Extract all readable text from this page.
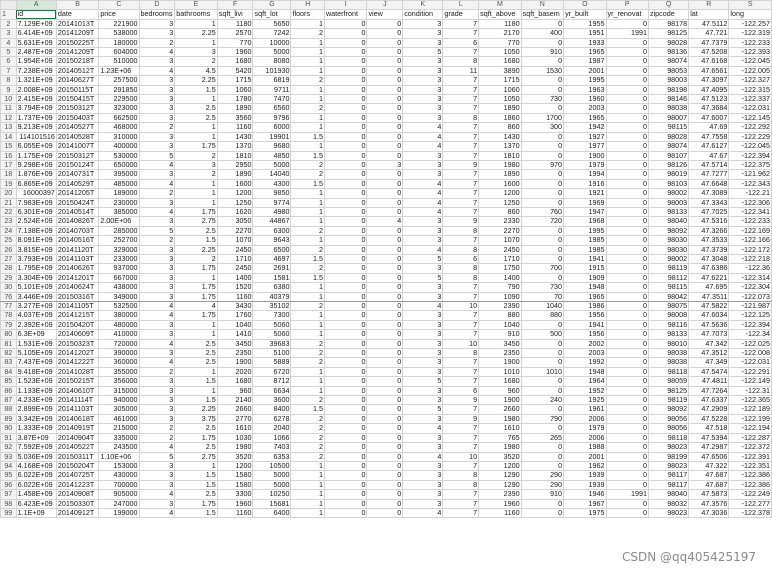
	A	B	C	D	E	F	G	H	I	J	K	L	M	N	O	P	Q	R	S
1	id	date	price	bedrooms	bathrooms	sqft_livi	sqft_lot	floors	waterfront	view	condition	grade	sqft_above	sqft_basem	yr_built	yr_renovat	zipcode	lat	long
2	7.129E+09	20141013T	221900	3	1	1180	5650	1	0	0	3	7	1180	0	1955	0	98178	47.5112	-122.257
3	6.414E+09	20141209T	538000	3	2.25	2570	7242	2	0	0	3	7	2170	400	1951	1991	98125	47.721	-122.319
4	5.631E+09	20150225T	180000	2	1	770	10000	1	0	0	3	6	770	0	1933	0	98028	47.7379	-122.233
5	2.487E+09	20141209T	604000	4	3	1960	5000	1	0	0	5	7	1050	910	1965	0	98136	47.5208	-122.393
6	1.954E+09	20150218T	510000	3	2	1680	8080	1	0	0	3	8	1680	0	1987	0	98074	47.6168	-122.045
7	7.238E+09	20140512T	1.23E+06	4	4.5	5420	101930	1	0	0	3	11	3890	1530	2001	0	98053	47.6561	-122.005
8	1.321E+09	20140627T	257500	3	2.25	1715	6819	2	0	0	3	7	1715	0	1995	0	98003	47.3097	-122.327
9	2.008E+09	20150115T	291850	3	1.5	1060	9711	1	0	0	3	7	1060	0	1963	0	98198	47.4095	-122.315
10	2.415E+09	20150415T	229500	3	1	1780	7470	1	0	0	3	7	1050	730	1960	0	98146	47.5123	-122.337
11	3.794E+09	20150312T	323000	3	2.5	1890	6560	2	0	0	3	7	1890	0	2003	0	98038	47.3684	-122.031
12	1.737E+09	20150403T	662500	3	2.5	3560	9796	1	0	0	3	8	1860	1700	1965	0	98007	47.6007	-122.145
13	9.213E+09	20140527T	468000	2	1	1160	6000	1	0	0	4	7	860	300	1942	0	98115	47.69	-122.292
14	114101516	20140528T	310000	3	1	1430	19901	1.5	0	0	4	7	1430	0	1927	0	98028	47.7558	-122.229
15	6.055E+09	20141007T	400000	3	1.75	1370	9680	1	0	0	4	7	1370	0	1977	0	98074	47.6127	-122.045
16	1.175E+09	20150312T	530000	5	2	1810	4850	1.5	0	0	3	7	1810	0	1900	0	98107	47.67	-122.394
17	9.298E+09	20150124T	650000	4	3	2950	5000	2	0	3	3	9	1980	970	1979	0	98126	47.5714	-122.375
18	1.876E+09	20140731T	395000	3	2	1890	14040	2	0	0	3	7	1890	0	1994	0	98019	47.7277	-121.962
19	6.865E+09	20140529T	485000	4	1	1600	4300	1.5	0	0	4	7	1600	0	1916	0	98103	47.6648	-122.343
20	16000397	20141205T	189000	2	1	1200	9850	1	0	0	4	7	1200	0	1921	0	98002	47.3089	-122.21
21	7.983E+09	20150424T	230000	3	1	1250	9774	1	0	0	4	7	1250	0	1969	0	98003	47.3343	-122.306
22	6.301E+09	20140514T	385000	4	1.75	1620	4980	1	0	0	4	7	860	760	1947	0	98133	47.7025	-122.341
23	2.524E+09	20140826T	2.00E+06	3	2.75	3050	44867	1	0	4	3	9	2330	720	1968	0	98040	47.5316	-122.233
24	7.138E+09	20140703T	285000	5	2.5	2270	6300	2	0	0	3	8	2270	0	1995	0	98092	47.3266	-122.169
25	8.091E+09	20140516T	252700	2	1.5	1070	9643	1	0	0	3	7	1070	0	1985	0	98030	47.3533	-122.166
26	3.815E+09	20141120T	329000	3	2.25	2450	6500	2	0	0	4	8	2450	0	1985	0	98030	47.3739	-122.172
27	3.793E+09	20141103T	233000	3	2	1710	4697	1.5	0	0	5	6	1710	0	1941	0	98002	47.3048	-122.218
28	1.795E+09	20140626T	937000	3	1.75	2450	2691	2	0	0	3	8	1750	700	1915	0	98119	47.6386	-122.36
29	3.304E+09	20141201T	667000	3	1	1400	1581	1.5	0	0	5	8	1400	0	1909	0	98112	47.6221	-122.314
30	5.101E+09	20140624T	438000	3	1.75	1520	6380	1	0	0	3	7	790	730	1948	0	98115	47.695	-122.304
76	3.446E+09	20150316T	349000	3	1.75	1160	40379	1	0	0	3	7	1090	70	1965	0	98042	47.3511	-122.073
77	3.277E+09	20141105T	532500	4	4	3430	35102	2	0	0	4	10	2390	1040	1986	0	98075	47.5822	-121.987
78	4.037E+09	20141215T	380000	4	1.75	1760	7300	1	0	0	3	7	880	880	1956	0	98008	47.6034	-122.125
79	2.392E+09	20150420T	480000	3	1	1040	5060	1	0	0	3	7	1040	0	1941	0	98116	47.5636	-122.394
80	6.3E+09	20140609T	410000	3	1	1410	5060	1	0	0	3	7	910	500	1956	0	98133	47.7073	-122.34
81	1.531E+09	20150323T	720000	4	2.5	3450	39683	2	0	0	3	10	3450	0	2002	0	98010	47.342	-122.025
82	5.105E+09	20141202T	390000	3	2.5	2350	5100	2	0	0	3	8	2350	0	2003	0	98038	47.3512	-122.008
83	7.437E+09	20141222T	360000	4	2.5	1900	5889	2	0	0	3	7	1900	0	1992	0	98038	47.349	-122.031
84	9.418E+09	20141028T	355000	2	1	2020	6720	1	0	0	3	7	1010	1010	1948	0	98118	47.5474	-122.291
85	1.523E+09	20150215T	356000	3	1.5	1680	8712	1	0	0	5	7	1680	0	1964	0	98059	47.4811	-122.149
86	1.133E+09	20140610T	315000	3	1	960	6634	1	0	0	3	6	960	0	1952	0	98125	47.7264	-122.31
87	4.233E+09	20141114T	940000	3	1.5	2140	3600	2	0	0	3	9	1900	240	1925	0	98119	47.6337	-122.365
88	2.899E+09	20141103T	305000	3	2.25	2660	8400	1.5	0	0	5	7	2660	0	1961	0	98092	47.2909	-122.189
89	3.342E+09	20140618T	461000	3	3.75	2770	6278	2	0	0	3	9	1980	790	2006	0	98056	47.5228	-122.199
90	1.333E+09	20140919T	215000	2	2.5	1610	2040	2	0	0	4	7	1610	0	1979	0	98056	47.518	-122.194
91	3.87E+09	20140904T	335000	2	1.75	1030	1066	2	0	0	3	7	765	265	2006	0	98118	47.5394	-122.287
92	7.592E+09	20140522T	243500	4	2.5	1980	7403	2	0	0	3	7	1980	0	1988	0	98023	47.2987	-122.372
93	5.036E+09	20150311T	1.10E+06	5	2.75	3520	6353	2	0	0	4	10	3520	0	2001	0	98199	47.6506	-122.391
94	4.168E+09	20150204T	153000	3	1	1200	10500	1	0	0	3	7	1200	0	1962	0	98023	47.322	-122.351
95	6.022E+09	20140725T	430000	3	1.5	1580	5000	1	0	0	3	8	1290	290	1939	0	98117	47.687	-122.386
96	6.022E+09	20141223T	700000	3	1.5	1580	5000	1	0	0	3	8	1290	290	1939	0	98117	47.687	-122.386
97	1.458E+09	20140908T	905000	4	2.5	3300	10250	1	0	0	3	7	2390	910	1946	1991	98040	47.5873	-122.249
98	6.423E+09	20150330T	247000	3	1.75	1960	15681	1	0	0	3	7	1960	0	1967	0	98032	47.3576	-122.277
99	1.1E+09	20140912T	199000	4	1.5	1160	6400	1	0	0	4	7	1160	0	1975	0	98023	47.3036	-122.378
CSDN @qq405425197
